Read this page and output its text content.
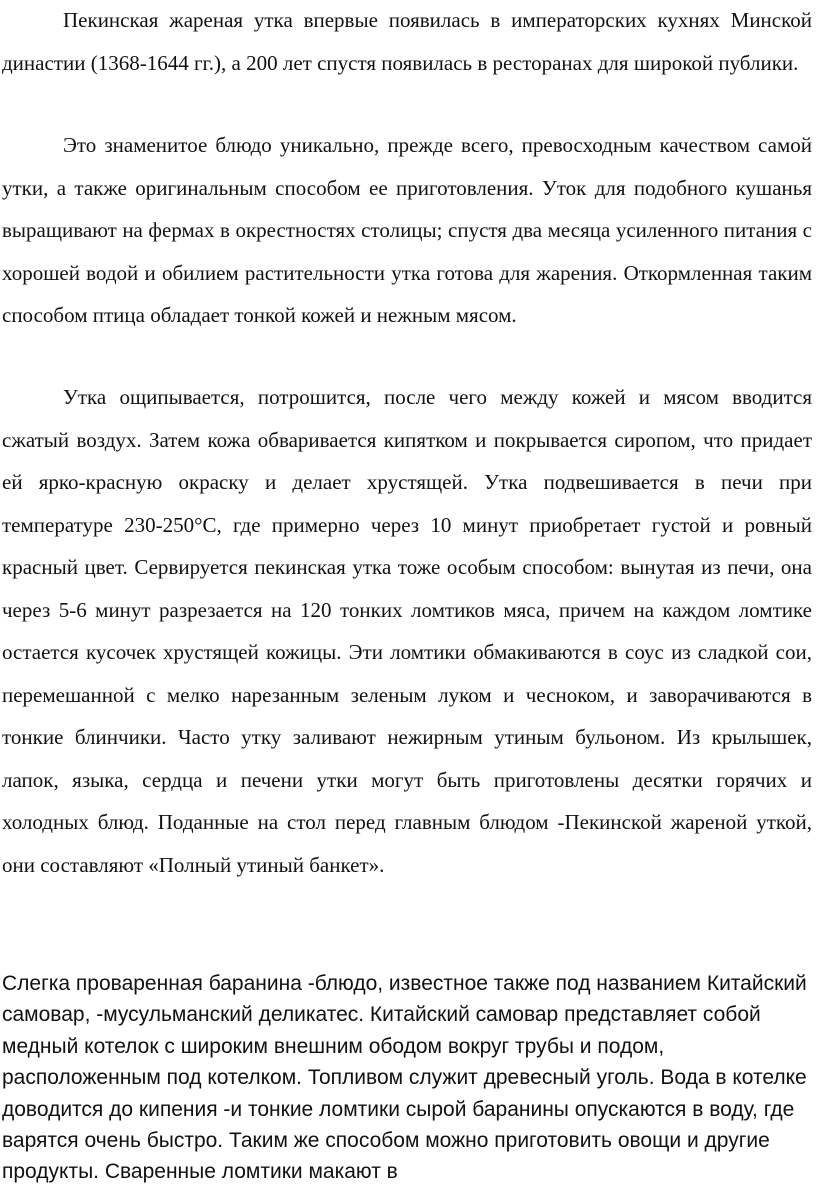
Пекинская жареная утка впервые появилась в императорских кухнях Минской династии (1368-1644 гг.), а 200 лет спустя появилась в ресторанах для широкой публики.

Это знаменитое блюдо уникально, прежде всего, превосходным качеством самой утки, а также оригинальным способом ее приготовления. Уток для подобного кушанья выращивают на фермах в окрестностях столицы; спустя два месяца усиленного питания с хорошей водой и обилием растительности утка готова для жарения. Откормленная таким способом птица обладает тонкой кожей и нежным мясом.

Утка ощипывается, потрошится, после чего между кожей и мясом вводится сжатый воздух. Затем кожа обваривается кипятком и покрывается сиропом, что придает ей ярко-красную окраску и делает хрустящей. Утка подвешивается в печи при температуре 230-250°C, где примерно через 10 минут приобретает густой и ровный красный цвет. Сервируется пекинская утка тоже особым способом: вынутая из печи, она через 5-6 минут разрезается на 120 тонких ломтиков мяса, причем на каждом ломтике остается кусочек хрустящей кожицы. Эти ломтики обмакиваются в соус из сладкой сои, перемешанной с мелко нарезанным зеленым луком и чесноком, и заворачиваются в тонкие блинчики. Часто утку заливают нежирным утиным бульоном. Из крылышек, лапок, языка, сердца и печени утки могут быть приготовлены десятки горячих и холодных блюд. Поданные на стол перед главным блюдом -Пекинской жареной уткой, они составляют «Полный утиный банкет».

Слегка проваренная баранина -блюдо, известное также под названием Китайский самовар, -мусульманский деликатес. Китайский самовар представляет собой медный котелок с широким внешним ободом вокруг трубы и подом, расположенным под котелком. Топливом служит древесный уголь. Вода в котелке доводится до кипения -и тонкие ломтики сырой баранины опускаются в воду, где варятся очень быстро. Таким же способом можно приготовить овощи и другие продукты. Сваренные ломтики макают в
